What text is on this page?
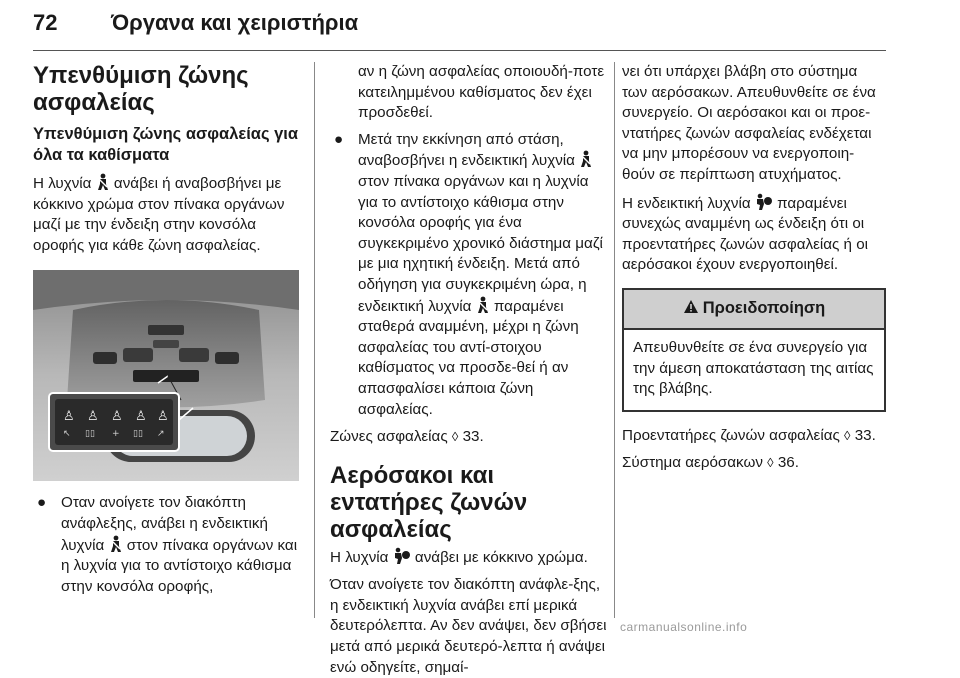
72	Όργανα και χειριστήρια
Υπενθύμιση ζώνης ασφαλείας
Υπενθύμιση ζώνης ασφαλείας για όλα τα καθίσματα
Η λυχνία ανάβει ή αναβοσβήνει με κόκκινο χρώμα στον πίνακα οργάνων μαζί με την ένδειξη στην κονσόλα οροφής για κάθε ζώνη ασφαλείας.
♙ ♙ ♙ ♙ ♙
↖ ▯▯ + ▯▯ ↗
● Οταν ανοίγετε τον διακόπτη ανάφλεξης, ανάβει η ενδεικτική λυχνία στον πίνακα οργάνων και η λυχνία για το αντίστοιχο κάθισμα στην κονσόλα οροφής,
αν η ζώνη ασφαλείας οποιουδή-ποτε κατειλημμένου καθίσματος δεν έχει προσδεθεί.
● Μετά την εκκίνηση από στάση, αναβοσβήνει η ενδεικτική λυχνία  στον πίνακα οργάνων και η λυχνία για το αντίστοιχο κάθισμα στην κονσόλα οροφής για ένα συγκεκριμένο χρονικό διάστημα μαζί με μια ηχητική ένδειξη. Μετά από οδήγηση για συγκεκριμένη ώρα, η ενδεικτική λυχνία παραμένει σταθερά αναμμένη, μέχρι η ζώνη ασφαλείας του αντί-στοιχου καθίσματος να προσδε-θεί ή αν απασφαλίσει κάποια ζώνη ασφαλείας.
Ζώνες ασφαλείας ◊ 33.
Αερόσακοι και εντατήρες ζωνών ασφαλείας
Η λυχνία ανάβει με κόκκινο χρώμα.
Όταν ανοίγετε τον διακόπτη ανάφλε-ξης, η ενδεικτική λυχνία ανάβει επί μερικά δευτερόλεπτα. Αν δεν ανάψει, δεν σβήσει μετά από μερικά δευτερό-λεπτα ή ανάψει ενώ οδηγείτε, σημαί-
νει ότι υπάρχει βλάβη στο σύστημα των αερόσακων. Απευθυνθείτε σε ένα συνεργείο. Οι αερόσακοι και οι προε-ντατήρες ζωνών ασφαλείας ενδέχεται να μην μπορέσουν να ενεργοποιη-θούν σε περίπτωση ατυχήματος.
Η ενδεικτική λυχνία παραμένει συνεχώς αναμμένη ως ένδειξη ότι οι προεντατήρες ζωνών ασφαλείας ή οι αερόσακοι έχουν ενεργοποιηθεί.
Προειδοποίηση
Απευθυνθείτε σε ένα συνεργείο για την άμεση αποκατάσταση της αιτίας της βλάβης.
Προεντατήρες ζωνών ασφαλείας ◊ 33.
Σύστημα αερόσακων ◊ 36.
carmanualsonline.info
